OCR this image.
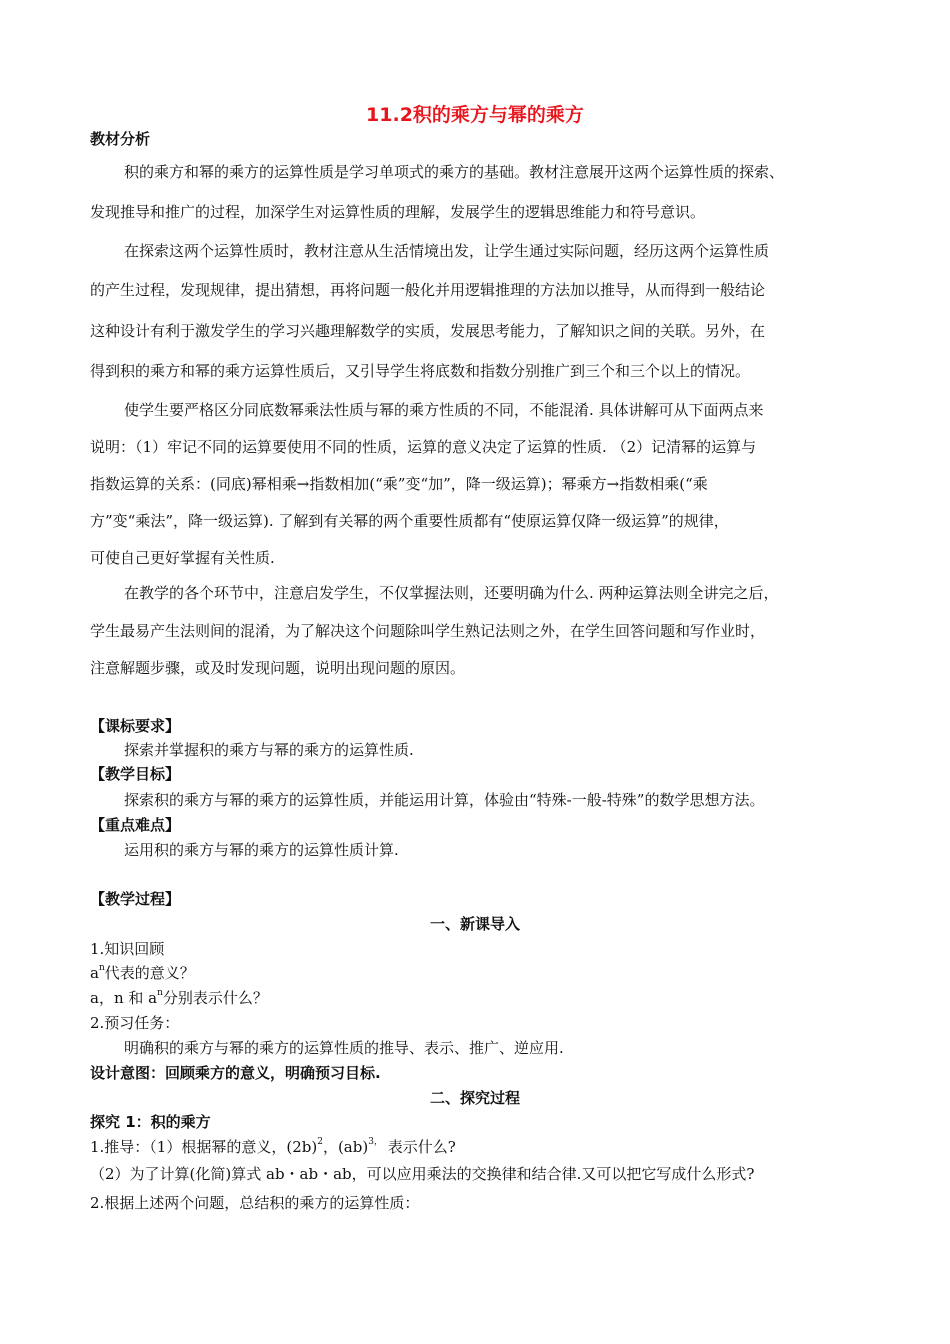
11.2积的乘方与幂的乘方
教材分析
积的乘方和幂的乘方的运算性质是学习单项式的乘方的基础。教材注意展开这两个运算性质的探索、
发现推导和推广的过程，加深学生对运算性质的理解，发展学生的逻辑思维能力和符号意识。
在探索这两个运算性质时，教材注意从生活情境出发，让学生通过实际问题，经历这两个运算性质
的产生过程，发现规律，提出猜想，再将问题一般化并用逻辑推理的方法加以推导，从而得到一般结论
这种设计有利于激发学生的学习兴趣理解数学的实质，发展思考能力，了解知识之间的关联。另外，在
得到积的乘方和幂的乘方运算性质后，又引导学生将底数和指数分别推广到三个和三个以上的情况。
使学生要严格区分同底数幂乘法性质与幂的乘方性质的不同，不能混淆. 具体讲解可从下面两点来
说明：（1）牢记不同的运算要使用不同的性质，运算的意义决定了运算的性质. （2）记清幂的运算与
指数运算的关系：(同底)幂相乘→指数相加(“乘”变“加”，降一级运算)；幂乘方→指数相乘(“乘
方”变“乘法”，降一级运算). 了解到有关幂的两个重要性质都有“使原运算仅降一级运算”的规律，
可使自己更好掌握有关性质.
在教学的各个环节中，注意启发学生，不仅掌握法则，还要明确为什么. 两种运算法则全讲完之后，
学生最易产生法则间的混淆，为了解决这个问题除叫学生熟记法则之外，在学生回答问题和写作业时，
注意解题步骤，或及时发现问题，说明出现问题的原因。
【课标要求】
探索并掌握积的乘方与幂的乘方的运算性质.
【教学目标】
探索积的乘方与幂的乘方的运算性质，并能运用计算，体验由“特殊-一般-特殊”的数学思想方法。
【重点难点】
运用积的乘方与幂的乘方的运算性质计算.
【教学过程】
一、新课导入
1.知识回顾
$a^n$代表的意义？
a，n 和 $a^n$分别表示什么？
2.预习任务：
明确积的乘方与幂的乘方的运算性质的推导、表示、推广、逆应用.
设计意图：回顾乘方的意义，明确预习目标.
二、探究过程
探究 1：积的乘方
1.推导：（1）根据幂的意义，$(2b)^2$，(ab)$^{3,}$ 表示什么?
（2）为了计算(化简)算式 ab・ab・ab，可以应用乘法的交换律和结合律.又可以把它写成什么形式?
2.根据上述两个问题，总结积的乘方的运算性质：
